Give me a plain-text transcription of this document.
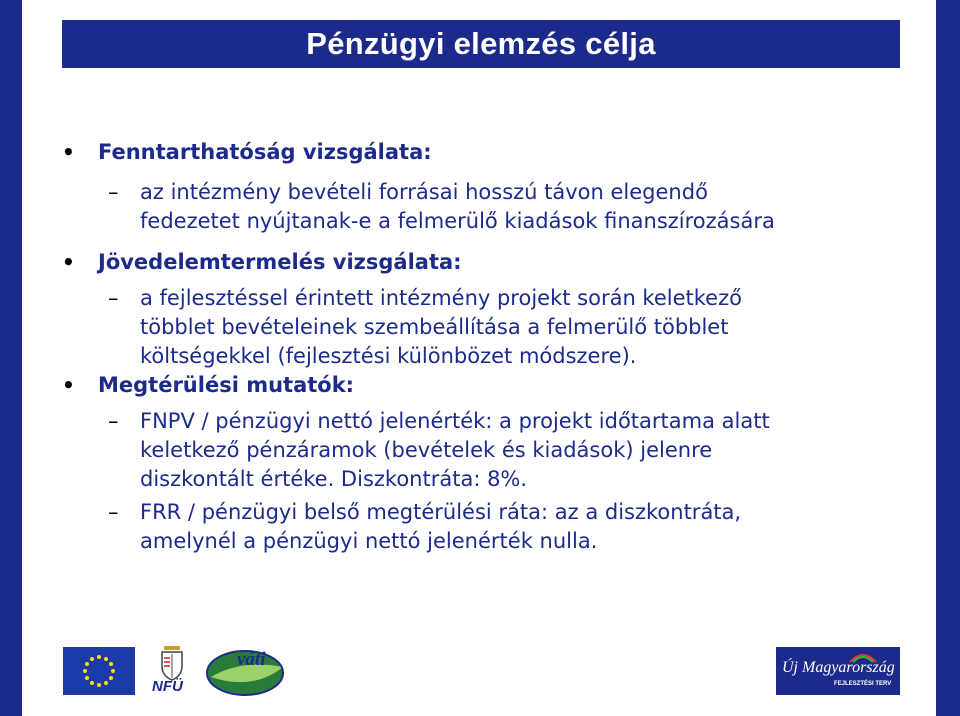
Pénzügyi elemzés célja
• Fenntarthatóság vizsgálata:
– az intézmény bevételi forrásai hosszú távon elegendő
fedezetet nyújtanak-e a felmerülő kiadások finanszírozására
• Jövedelemtermelés vizsgálata:
– a fejlesztéssel érintett intézmény projekt során keletkező
többlet bevételeinek szembeállítása a felmerülő többlet
költségekkel (fejlesztési különbözet módszere).
• Megtérülési mutatók:
– FNPV / pénzügyi nettó jelenérték: a projekt időtartama alatt
keletkező pénzáramok (bevételek és kiadások) jelenre
diszkontált értéke. Diszkontráta: 8%.
– FRR / pénzügyi belső megtérülési ráta: az a diszkontráta,
amelynél a pénzügyi nettó jelenérték nulla.
NFÜ
váti	Új Magyarország
FEJLESZTÉSI TERV
